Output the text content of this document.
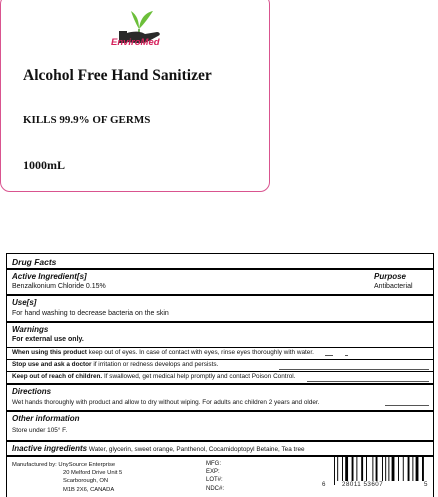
EnviroMed
Alcohol Free Hand Sanitizer
KILLS 99.9% OF GERMS
1000mL
Drug Facts
Active Ingredient[s]	Purpose
Benzalkonium Chloride 0.15%	Antibacterial
Use[s]
For hand washing to decrease bacteria on the skin
Warnings
For external use only.
When using this product keep out of eyes. In case of contact with eyes, rinse eyes thoroughly with water.
Stop use and ask a doctor if irritation or redness develops and persists.
Keep out of reach of children. If swallowed, get medical help promptly and contact Poison Control.
Directions
Wet hands thoroughly with product and allow to dry without wiping. For adults anc children 2 years and older.
Other information
Store under 105° F.
Inactive ingredients Water, glycerin, sweet orange, Panthenol, Cocamidoptopyl Betaine, Tea tree
Manufactured by: UnySource Enterprise
20 Melford Drive Unit 5
Scarborough, ON
M1B 2X6, CANADA
MFG:
EXP:
LOT#:
NDC#:
6	28011 53607	5
